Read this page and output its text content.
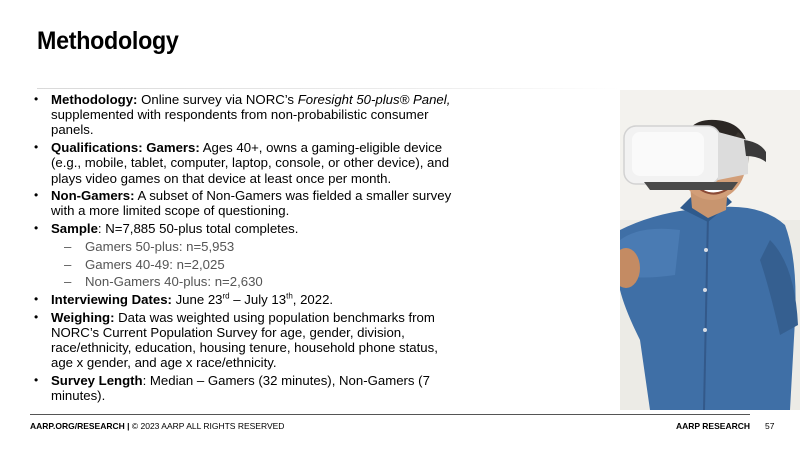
Methodology
• Methodology: Online survey via NORC’s Foresight 50-plus® Panel, supplemented with respondents from non-probabilistic consumer panels.
• Qualifications: Gamers: Ages 40+, owns a gaming-eligible device (e.g., mobile, tablet, computer, laptop, console, or other device), and plays video games on that device at least once per month.
• Non-Gamers: A subset of Non-Gamers was fielded a smaller survey with a more limited scope of questioning.
• Sample: N=7,885 50-plus total completes.
– Gamers 50-plus: n=5,953
– Gamers 40-49: n=2,025
– Non-Gamers 40-plus: n=2,630
• Interviewing Dates: June 23rd – July 13th, 2022.
• Weighing: Data was weighted using population benchmarks from NORC’s Current Population Survey for age, gender, division, race/ethnicity, education, housing tenure, household phone status, age x gender, and age x race/ethnicity.
• Survey Length: Median – Gamers (32 minutes), Non-Gamers (7 minutes).
AARP.ORG/RESEARCH | © 2023 AARP ALL RIGHTS RESERVED	AARP RESEARCH 57
